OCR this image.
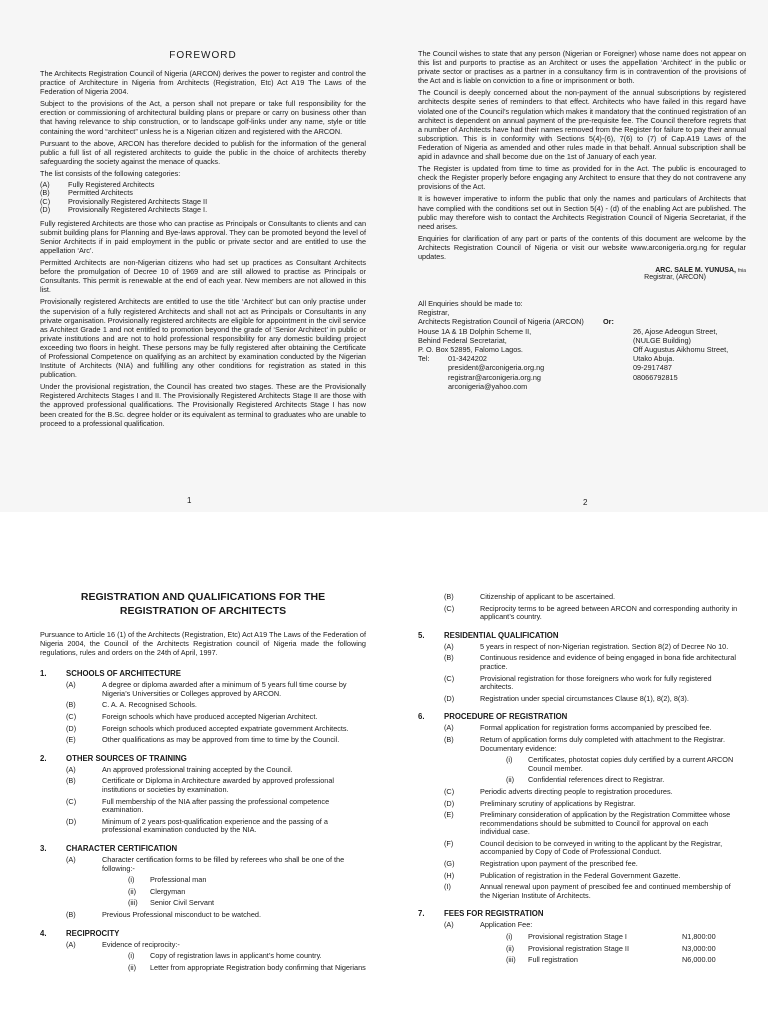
FOREWORD

The Architects Registration Council of Nigeria (ARCON) derives the power to register and control the practice of Architecture in Nigeria from Architects (Registration, Etc) Act A19 The Laws of the Federation of Nigeria 2004.

Subject to the provisions of the Act, a person shall not prepare or take full responsibility for the erection or commissioning of architectural building plans or prepare or carry on business other than that having relevance to ship construction, or to landscape golf-links under any name, style or title containing the word “architect” unless he is a Nigerian citizen and registered with the ARCON.

Pursuant to the above, ARCON has therefore decided to publish for the information of the general public a full list of all registered architects to guide the public in the choice of architects thereby safeguarding the society against the menace of quacks.

The list consists of the following categories:

(A)	Fully Registered Architects
(B)	Permitted Architects
(C)	Provisionally Registered Architects Stage II
(D)	Provisionally Registered Architects Stage I.

Fully registered Architects are those who can practise as Principals or Consultants to clients and can submit building plans for Planning and Bye-laws approval. They can be promoted beyond the level of Senior Architects if in paid employment in the public or private sector and are entitled to use the appellation ‘Arc’.

Permitted Architects are non-Nigerian citizens who had set up practices as Consultant Architects before the promulgation of Decree 10 of 1969 and are still allowed to practise as Principals or Consultants. This permit is renewable at the end of each year. New members are not allowed in this list.

Provisionally registered Architects are entitled to use the title ‘Architect’ but can only practise under the supervision of a fully registered Architects and shall not act as Principals or Consultants in any private organisation. Provisionally registered architects are eligible for appointment in the civil service as Architect Grade 1 and not entitled to promotion beyond the grade of ‘Senior Architect’ in public or private institutions and are not to hold professional responsibility for any domestic building project exceeding two floors in height. These persons may be fully registered after obtaining the Certificate of Professional Competence on qualifying as an architect by examination conducted by the Nigerian Institute of Architects (NIA) and fulfilling any other conditions for registration as stated in this publication.

Under the provisional registration, the Council has created two stages. These are the Provisionally Registered Architects Stages I and II. The Provisionally Registered Architects Stage II are those with the approved professional qualifications. The Provisionally Registered Architects Stage I has now been created for the B.Sc. degree holder or its equivalent as terminal to graduates who are unable to proceed to a professional qualification.

1

The Council wishes to state that any person (Nigerian or Foreigner) whose name does not appear on this list and purports to practise as an Architect or uses the appellation ‘Architect’ in the public or private sector or practises as a partner in a consultancy firm is in contravention of the provisions of the Act and is liable on conviction to a fine or imprisonment or both.

The Council is deeply concerned about the non-payment of the annual subscriptions by registered architects despite series of reminders to that effect. Architects who have failed in this regard have violated one of the Council’s regulation which makes it mandatory that the continued registration of an architect is dependent on annual payment of the pre-requisite fee. The Council therefore regrets that a number of Architects have had their names removed from the Register for failure to pay their annual subscription. This is in conformity with Sections 5(4)-(6), 7(6) to (7) of Cap.A19 Laws of the Federation of Nigeria as amended and other rules made in that behalf. Annual subscription shall be apid in adavnce and shall become due on the 1st of January of each year.

The Register is updated from time to time as provided for in the Act. The public is encouraged to check the Register properly before engaging any Architect to ensure that they do not contravene any provisions of the Act.

It is however imperative to inform the public that only the names and particulars of Architects that have complied with the conditions set out in Section 5(4) - (d) of the enabling Act are published. The public may therefore wish to contact the Architects Registration Council of Nigeria Secretariat, if the need arises.

Enquiries for clarification of any part or parts of the contents of this document are welcome by the Architects Registration Council of Nigeria or visit our website www.arconigeria.org.ng for regular updates.

ARC. SALE M. YUNUSA, fnia

Registrar, (ARCON)

All Enquiries should be made to:
Registrar,
Architects Registration Council of Nigeria (ARCON)	Or:
House 1A & 1B Dolphin Scheme II,	26, Ajose Adeogun Street,
Behind Federal Secretariat,	(NULGE Building)
P. O. Box 52895, Falomo Lagos.	Off Augustus Aikhomu Street,
Tel:	01-3424202	Utako Abuja.
president@arconigeria.org.ng	09-2917487
registrar@arconigeria.org.ng	08066792815
arconigeria@yahoo.com
2
REGISTRATION AND QUALIFICATIONS FOR THE
REGISTRATION OF ARCHITECTS

Pursuance to Article 16 (1) of the Architects (Registration, Etc) Act A19 The Laws of the Federation of Nigeria 2004, the Council of the Architects Registration council of Nigeria made the following regulations, rules and orders on the 24th of April, 1997.

1.	SCHOOLS OF ARCHITECTURE
(A)	A degree or diploma awarded after a minimum of 5 years full time course by Nigeria’s Universities or Colleges approved by ARCON.
(B)	C. A. A. Recognised Schools.
(C)	Foreign schools which have produced accepted Nigerian Architect.
(D)	Foreign schools which produced accepted expatriate government Architects.
(E)	Other qualifications as may be approved from time to time by the Council.
2.	OTHER SOURCES OF TRAINING
(A)	An approved professional training accepted by the Council.
(B)	Certificate or Diploma in Architecture awarded by approved professional institutions or societies by examination.
(C)	Full membership of the NIA after passing the professional competence examination.
(D)	Minimum of 2 years post-qualification experience and the passing of a professional examination conducted by the NIA.
3.	CHARACTER CERTIFICATION
(A)	Character certification forms to be filled by referees who shall be one of the following:-
(i)	Professional man
(ii)	Clergyman
(iii)	Senior Civil Servant
(B)	Previous Professional misconduct to be watched.
4.	RECIPROCITY
(A)	Evidence of reciprocity:-
(i)	Copy of registration laws in applicant’s home country.
(ii)	Letter from appropriate Registration body confirming that Nigerians
(B)	Citizenship of applicant to be ascertained.
(C)	Reciprocity terms to be agreed between ARCON and corresponding authority in applicant’s country.
5.	RESIDENTIAL QUALIFICATION
(A)	5 years in respect of non-Nigerian registration. Section 8(2) of Decree No 10.
(B)	Continuous residence and evidence of being engaged in bona fide architectural practice.
(C)	Provisional registration for those foreigners who work for fully registered architects.
(D)	Registration under special circumstances Clause 8(1), 8(2), 8(3).
6.	PROCEDURE OF REGISTRATION
(A)	Formal application for registration forms accompanied by prescibed fee.
(B)	Return of application forms duly completed with attachment to the Registrar. Documentary evidence:
(i)	Certificates, photostat copies duly certified by a current ARCON Council member.
(ii)	Confidential references direct to Registrar.
(C)	Periodic adverts directing people to registration procedures.
(D)	Preliminary scrutiny of applications by Registrar.
(E)	Preliminary consideration of application by the Registration Committee whose recommendations should be submitted to Council for approval on each individual case.
(F)	Council decision to be conveyed in writing to the applicant by the Registrar, accompanied by Copy of Code of Professional Conduct.
(G)	Registration upon payment of the prescribed fee.
(H)	Publication of registration in the Federal Government Gazette.
(I)	Annual renewal upon payment of prescibed fee and continued membership of the Nigerian Institute of Architects.
7.	FEES FOR REGISTRATION
(A)	Application Fee:
(i)	Provisional registration Stage I	N1,800:00
(ii)	Provisional registration Stage II	N3,000:00
(iii)	Full registration	N6,000.00
